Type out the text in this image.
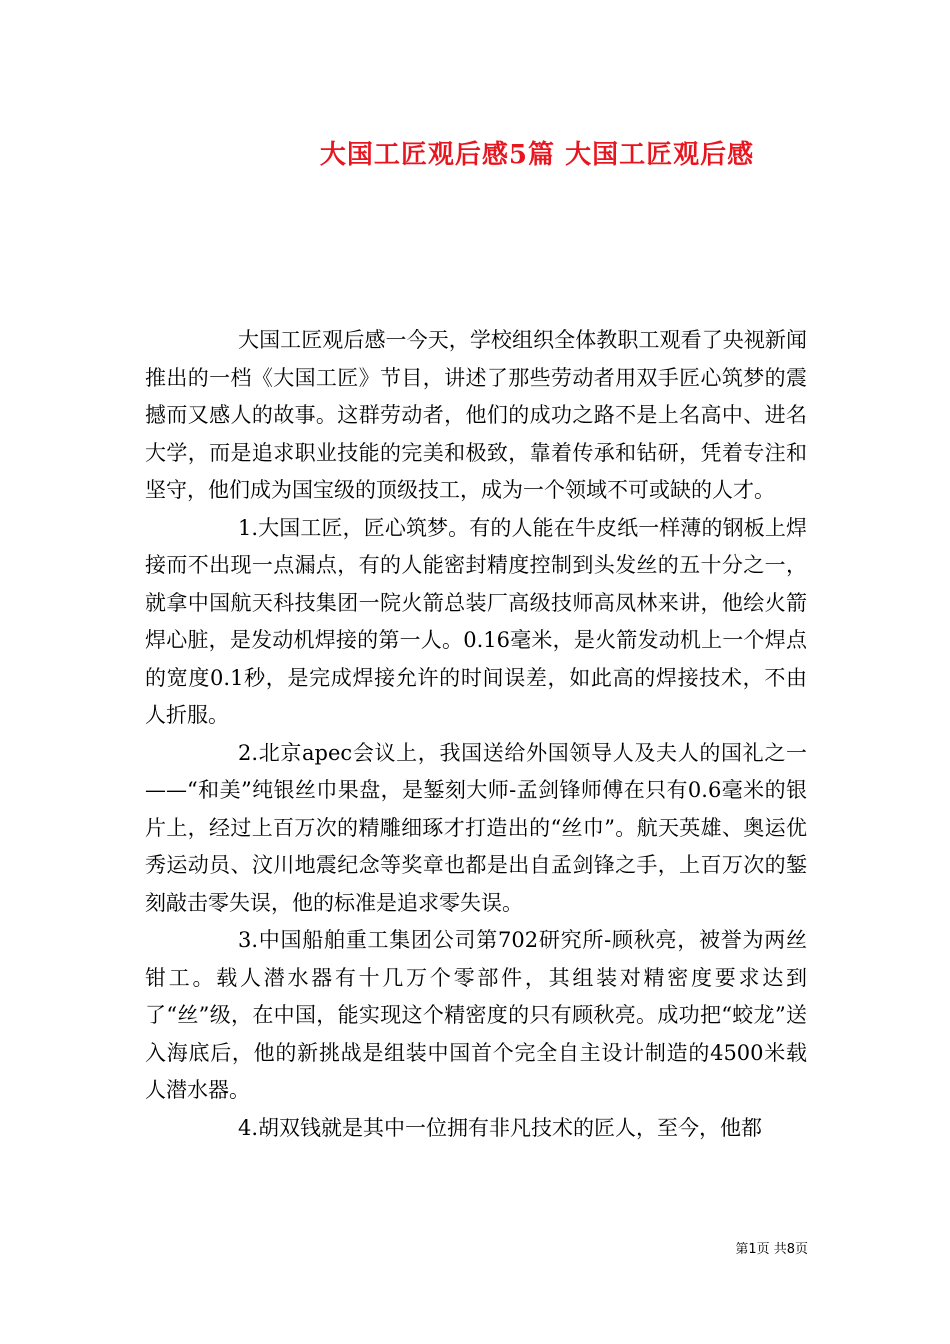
大国工匠观后感5篇 大国工匠观后感

大国工匠观后感一今天，学校组织全体教职工观看了央视新闻推出的一档《大国工匠》节目，讲述了那些劳动者用双手匠心筑梦的震撼而又感人的故事。这群劳动者，他们的成功之路不是上名高中、进名大学，而是追求职业技能的完美和极致，靠着传承和钻研，凭着专注和坚守，他们成为国宝级的顶级技工，成为一个领域不可或缺的人才。

1.大国工匠，匠心筑梦。有的人能在牛皮纸一样薄的钢板上焊接而不出现一点漏点，有的人能密封精度控制到头发丝的五十分之一，就拿中国航天科技集团一院火箭总装厂高级技师高凤林来讲，他绘火箭焊心脏，是发动机焊接的第一人。0.16毫米，是火箭发动机上一个焊点的宽度0.1秒，是完成焊接允许的时间误差，如此高的焊接技术，不由人折服。

2.北京apec会议上，我国送给外国领导人及夫人的国礼之一——“和美”纯银丝巾果盘，是錾刻大师-孟剑锋师傅在只有0.6毫米的银片上，经过上百万次的精雕细琢才打造出的“丝巾”。航天英雄、奥运优秀运动员、汶川地震纪念等奖章也都是出自孟剑锋之手，上百万次的錾刻敲击零失误，他的标准是追求零失误。

3.中国船舶重工集团公司第702研究所-顾秋亮，被誉为两丝钳工。载人潜水器有十几万个零部件，其组装对精密度要求达到了“丝”级，在中国，能实现这个精密度的只有顾秋亮。成功把“蛟龙”送入海底后，他的新挑战是组装中国首个完全自主设计制造的4500米载人潜水器。

4.胡双钱就是其中一位拥有非凡技术的匠人，至今，他都

第1页 共8页
